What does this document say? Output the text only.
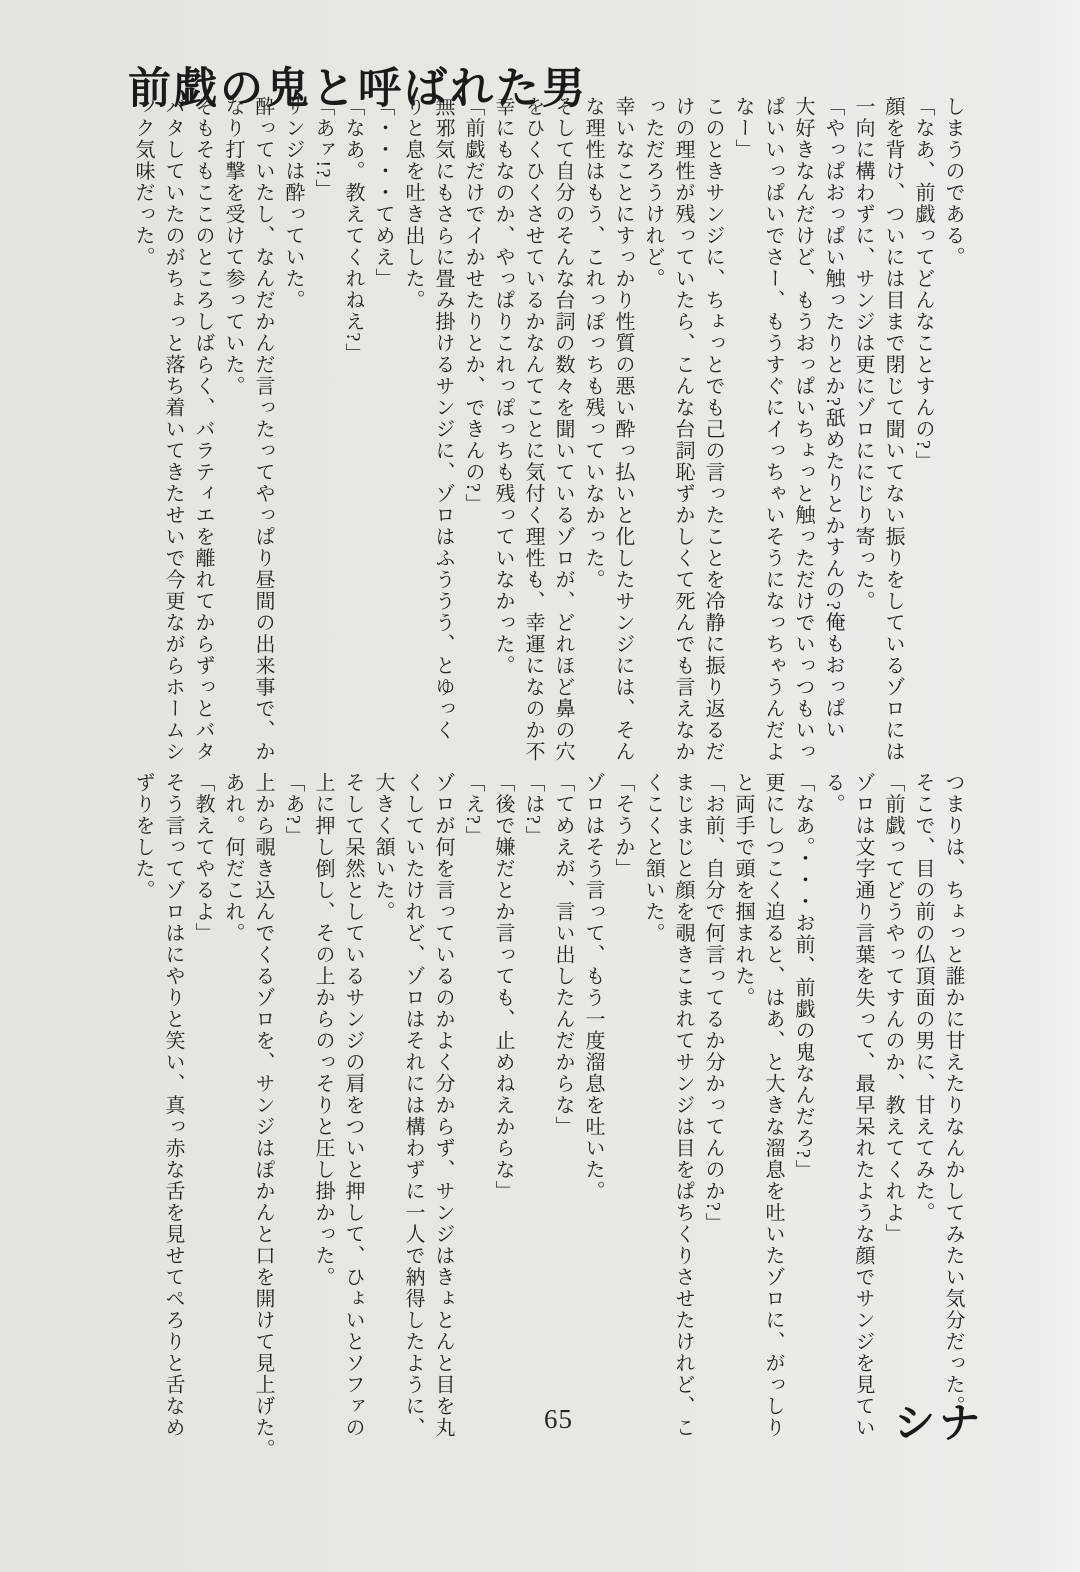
前戯の鬼と呼ばれた男

しまうのである。

「なあ、前戯ってどんなことすんの?」

顔を背け、ついには目まで閉じて聞いてない振りをしているゾロには

一向に構わずに、サンジは更にゾロににじり寄った。

「やっぱおっぱい触ったりとか?舐めたりとかすんの?俺もおっぱい

大好きなんだけど、もうおっぱいちょっと触っただけでいっつもいっ

ぱいいっぱいでさー、もうすぐにイっちゃいそうになっちゃうんだよ

なー」

このときサンジに、ちょっとでも己の言ったことを冷静に振り返るだ

けの理性が残っていたら、こんな台詞恥ずかしくて死んでも言えなか

っただろうけれど。

幸いなことにすっかり性質の悪い酔っ払いと化したサンジには、そん

な理性はもう、これっぽっちも残っていなかった。

そして自分のそんな台詞の数々を聞いているゾロが、どれほど鼻の穴

をひくひくさせているかなんてことに気付く理性も、幸運になのか不

幸にもなのか、やっぱりこれっぽっちも残っていなかった。

「前戯だけでイかせたりとか、できんの?」

無邪気にもさらに畳み掛けるサンジに、ゾロはふううう、とゆっく

りと息を吐き出した。

「・・・・てめえ」

「なあ。教えてくれねえ?」

「あァ!?」

サンジは酔っていた。

酔っていたし、なんだかんだ言ったってやっぱり昼間の出来事で、か

なり打撃を受けて参っていた。

そもそもここのところしばらく、バラティエを離れてからずっとバタ

バタしていたのがちょっと落ち着いてきたせいで今更ながらホームシ

ック気味だった。

つまりは、ちょっと誰かに甘えたりなんかしてみたい気分だった。

そこで、目の前の仏頂面の男に、甘えてみた。

「前戯ってどうやってすんのか、教えてくれよ」

ゾロは文字通り言葉を失って、最早呆れたような顔でサンジを見てい

る。

「なあ。・・・お前、前戯の鬼なんだろ?」

更にしつこく迫ると、はあ、と大きな溜息を吐いたゾロに、がっしり

と両手で頭を掴まれた。

「お前、自分で何言ってるか分かってんのか?」

まじまじと顔を覗きこまれてサンジは目をぱちくりさせたけれど、こ

くこくと頷いた。

「そうか」

ゾロはそう言って、もう一度溜息を吐いた。

「てめえが、言い出したんだからな」

「は?」

「後で嫌だとか言っても、止めねえからな」

「え?」

ゾロが何を言っているのかよく分からず、サンジはきょとんと目を丸

くしていたけれど、ゾロはそれには構わずに一人で納得したように、

大きく頷いた。

そして呆然としているサンジの肩をついと押して、ひょいとソファの

上に押し倒し、その上からのっそりと圧し掛かった。

「あ?」

上から覗き込んでくるゾロを、サンジはぽかんと口を開けて見上げた。

あれ。何だこれ。

「教えてやるよ」

そう言ってゾロはにやりと笑い、真っ赤な舌を見せてぺろりと舌なめ

ずりをした。

65	シナ
